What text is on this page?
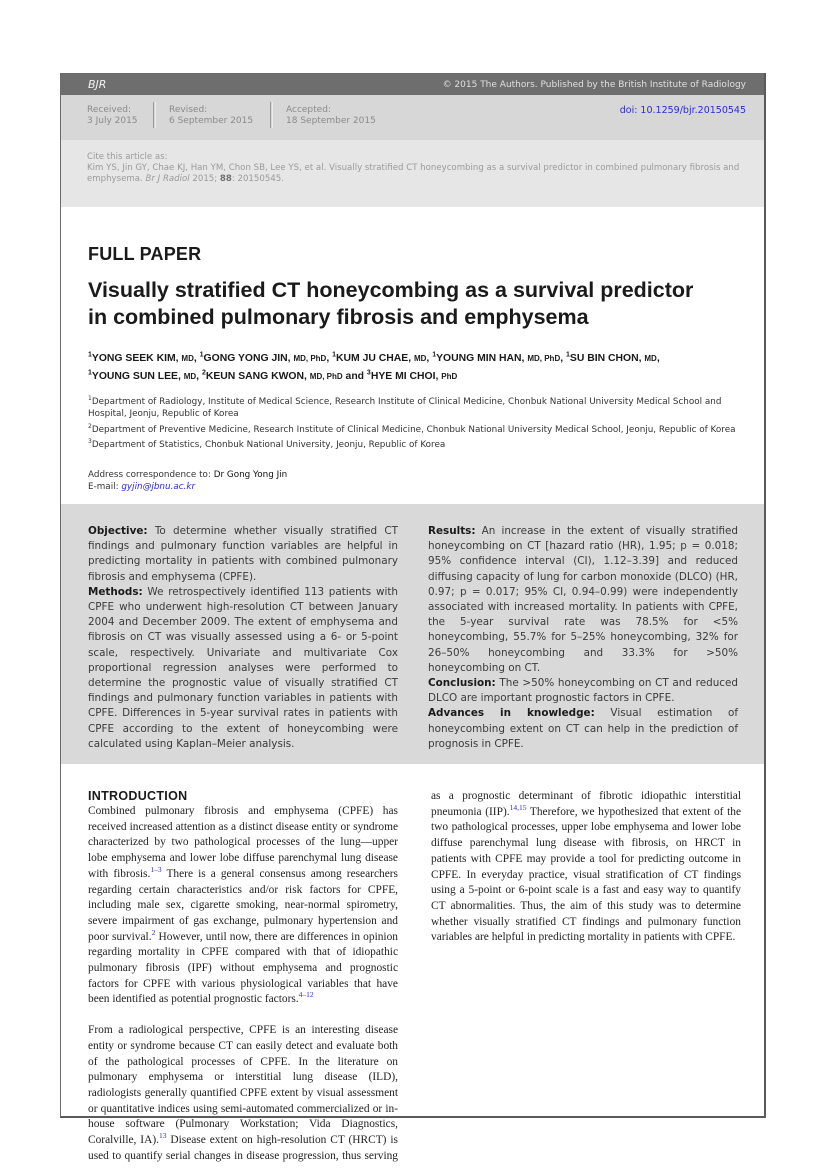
BJR	© 2015 The Authors. Published by the British Institute of Radiology
Received:
3 July 2015
Revised:
6 September 2015
Accepted:
18 September 2015
doi: 10.1259/bjr.20150545
Cite this article as:
Kim YS, Jin GY, Chae KJ, Han YM, Chon SB, Lee YS, et al. Visually stratified CT honeycombing as a survival predictor in combined pulmonary fibrosis and emphysema. Br J Radiol 2015; 88: 20150545.
FULL PAPER
Visually stratified CT honeycombing as a survival predictor
in combined pulmonary fibrosis and emphysema
$^1$YONG SEEK KIM, MD, $^1$GONG YONG JIN, MD, PhD, $^1$KUM JU CHAE, MD, $^1$YOUNG MIN HAN, MD, PhD, $^1$SU BIN CHON, MD,
$^1$YOUNG SUN LEE, MD, $^2$KEUN SANG KWON, MD, PhD and $^3$HYE MI CHOI, PhD
$^1$Department of Radiology, Institute of Medical Science, Research Institute of Clinical Medicine, Chonbuk National University Medical School and Hospital, Jeonju, Republic of Korea
$^2$Department of Preventive Medicine, Research Institute of Clinical Medicine, Chonbuk National University Medical School, Jeonju, Republic of Korea
$^3$Department of Statistics, Chonbuk National University, Jeonju, Republic of Korea
Address correspondence to: Dr Gong Yong Jin
E-mail: gyjin@jbnu.ac.kr
Objective: To determine whether visually stratified CT findings and pulmonary function variables are helpful in predicting mortality in patients with combined pulmonary fibrosis and emphysema (CPFE).
Methods: We retrospectively identified 113 patients with CPFE who underwent high-resolution CT between January 2004 and December 2009. The extent of emphysema and fibrosis on CT was visually assessed using a 6- or 5-point scale, respectively. Univariate and multivariate Cox proportional regression analyses were performed to determine the prognostic value of visually stratified CT findings and pulmonary function variables in patients with CPFE. Differences in 5-year survival rates in patients with CPFE according to the extent of honeycombing were calculated using Kaplan–Meier analysis.
Results: An increase in the extent of visually stratified honeycombing on CT [hazard ratio (HR), 1.95; p = 0.018; 95% confidence interval (CI), 1.12–3.39] and reduced diffusing capacity of lung for carbon monoxide (DLCO) (HR, 0.97; p = 0.017; 95% CI, 0.94–0.99) were independently associated with increased mortality. In patients with CPFE, the 5-year survival rate was 78.5% for <5% honeycombing, 55.7% for 5–25% honeycombing, 32% for 26–50% honeycombing and 33.3% for >50% honeycombing on CT.
Conclusion: The >50% honeycombing on CT and reduced DLCO are important prognostic factors in CPFE.
Advances in knowledge: Visual estimation of honeycombing extent on CT can help in the prediction of prognosis in CPFE.
INTRODUCTION

Combined pulmonary fibrosis and emphysema (CPFE) has received increased attention as a distinct disease entity or syndrome characterized by two pathological processes of the lung—upper lobe emphysema and lower lobe diffuse parenchymal lung disease with fibrosis.$^{1-3}$ There is a general consensus among researchers regarding certain characteristics and/or risk factors for CPFE, including male sex, cigarette smoking, near-normal spirometry, severe impairment of gas exchange, pulmonary hypertension and poor survival.$^2$ However, until now, there are differences in opinion regarding mortality in CPFE compared with that of idiopathic pulmonary fibrosis (IPF) without emphysema and prognostic factors for CPFE with various physiological variables that have been identified as potential prognostic factors.$^{4-12}$

From a radiological perspective, CPFE is an interesting disease entity or syndrome because CT can easily detect and evaluate both of the pathological processes of CPFE. In the literature on pulmonary emphysema or interstitial lung disease (ILD), radiologists generally quantified CPFE extent by visual assessment or quantitative indices using semi-automated commercialized or in-house software (Pulmonary Workstation; Vida Diagnostics, Coralville, IA).$^{13}$ Disease extent on high-resolution CT (HRCT) is used to quantify serial changes in disease progression, thus serving as a prognostic determinant of fibrotic idiopathic interstitial pneumonia (IIP).$^{14,15}$ Therefore, we hypothesized that extent of the two pathological processes, upper lobe emphysema and lower lobe diffuse parenchymal lung disease with fibrosis, on HRCT in patients with CPFE may provide a tool for predicting outcome in CPFE. In everyday practice, visual stratification of CT findings using a 5-point or 6-point scale is a fast and easy way to quantify CT abnormalities. Thus, the aim of this study was to determine whether visually stratified CT findings and pulmonary function variables are helpful in predicting mortality in patients with CPFE.
